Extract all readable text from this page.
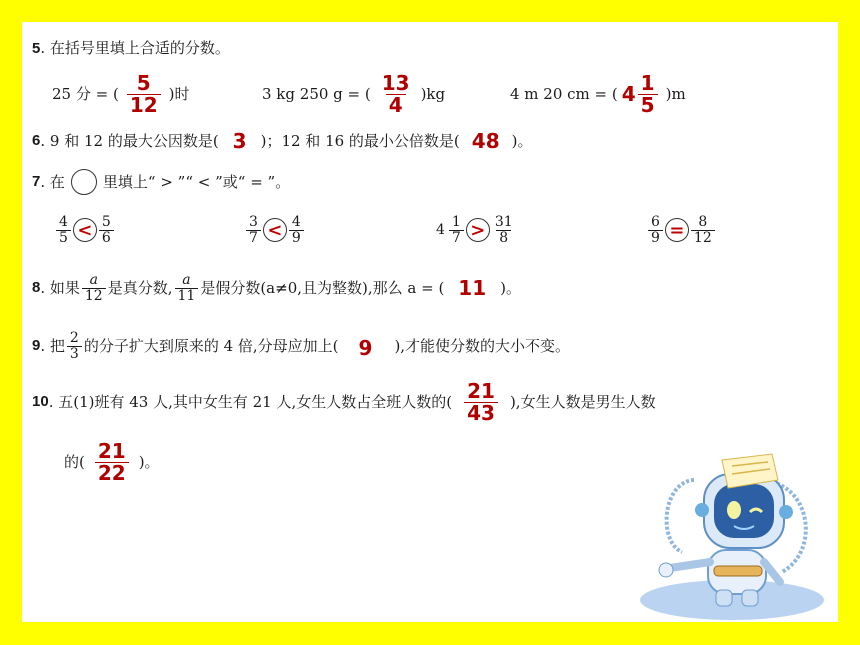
5. 在括号里填上合适的分数。
25 分 = ( $\frac{5}{12}$ )时	3 kg 250 g = ( $\frac{13}{4} )kg$	4 m 20 cm = ( $4 \frac{1}{5} )m$
6 . 9 和 12 的最大公因数是( 3 )；12 和 16 的最小公倍数是( 48 )。
7 . 在	里填上“ > ”“ < ”或“ = ”。
$\frac{4}{5} < \frac{5}{6}$	$\frac{3}{7} < \frac{4}{9}$	$4 \frac{1}{7} > \frac{31}{8}$	$\frac{6}{9} = \frac{8}{12}$
8 . 如果 $\frac{a}{12}$ 是真分数, $\frac{a}{11}$ 是假分数(a≠0,且为整数),那么 a = ( 11 )。
9 . 把 $\frac{2}{3}$ 的分子扩大到原来的 4 倍,分母应加上( 9 ),才能使分数的大小不变。
10 . 五(1)班有 43 人,其中女生有 21 人,女生人数占全班人数的( $\frac{21}{43}$ ),女生人数是男生人数
的( $\frac{21}{22}$ )。
